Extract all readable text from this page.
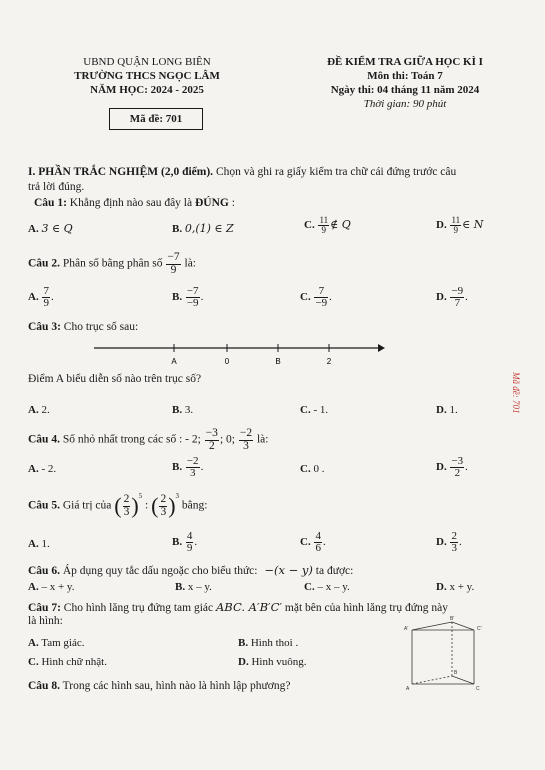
UBND QUẬN LONG BIÊN
TRƯỜNG THCS NGỌC LÂM
NĂM HỌC: 2024 - 2025
Mã đề: 701
ĐỀ KIỂM TRA GIỮA HỌC KÌ I
Môn thi: Toán 7
Ngày thi: 04 tháng 11 năm 2024
Thời gian: 90 phút
Mã đề: 701
I. PHẦN TRẮC NGHIỆM (2,0 điểm). Chọn và ghi ra giấy kiểm tra chữ cái đứng trước câu
trả lời đúng.
Câu 1: Khẳng định nào sau đây là ĐÚNG :
A. 3 ∈ Q	B. 0,(1) ∈ Z	C. $\frac{11}{9}$ ∉ Q	D. $\frac{11}{9}$ ∈ N
Câu 2. Phân số bằng phân số $\frac{-7}{9}$ là:
A. $\frac{7}{9}$ .	B. $\frac{-7}{-9}$ .	C. $\frac{7}{-9}$ .	D. $\frac{-9}{7}$ .
Câu 3: Cho trục số sau:
A	0	B	2
Điểm A biểu diễn số nào trên trục số?
A. 2.	B. 3.	C. - 1.	D. 1.
Câu 4. Số nhỏ nhất trong các số : - 2; $\frac{-3}{2}$ ; 0; $\frac{-2}{3}$ là:
A. - 2.	B. $\frac{-2}{3}$ .	C. 0 .	D. $\frac{-3}{2}$ .
Câu 5. Giá trị của ( $\frac{2}{3} )^5$ : ( $\frac{2}{3} )^3$ bằng:
A. 1.	B. $\frac{4}{9}$ .	C. $\frac{4}{6}$ .	D. $\frac{2}{3}$ .
Câu 6. Áp dụng quy tắc dấu ngoặc cho biểu thức: −(x − y) ta được:
A. – x + y.	B. x – y.	C. – x – y.	D. x + y.
Câu 7: Cho hình lăng trụ đứng tam giác ABC. A′B′C′ mặt bên của hình lăng trụ đứng này
là hình:
A. Tam giác.	B. Hình thoi .
C. Hình chữ nhật.	D. Hình vuông.
A'
B'
C'
A
B
C
Câu 8. Trong các hình sau, hình nào là hình lập phương?
